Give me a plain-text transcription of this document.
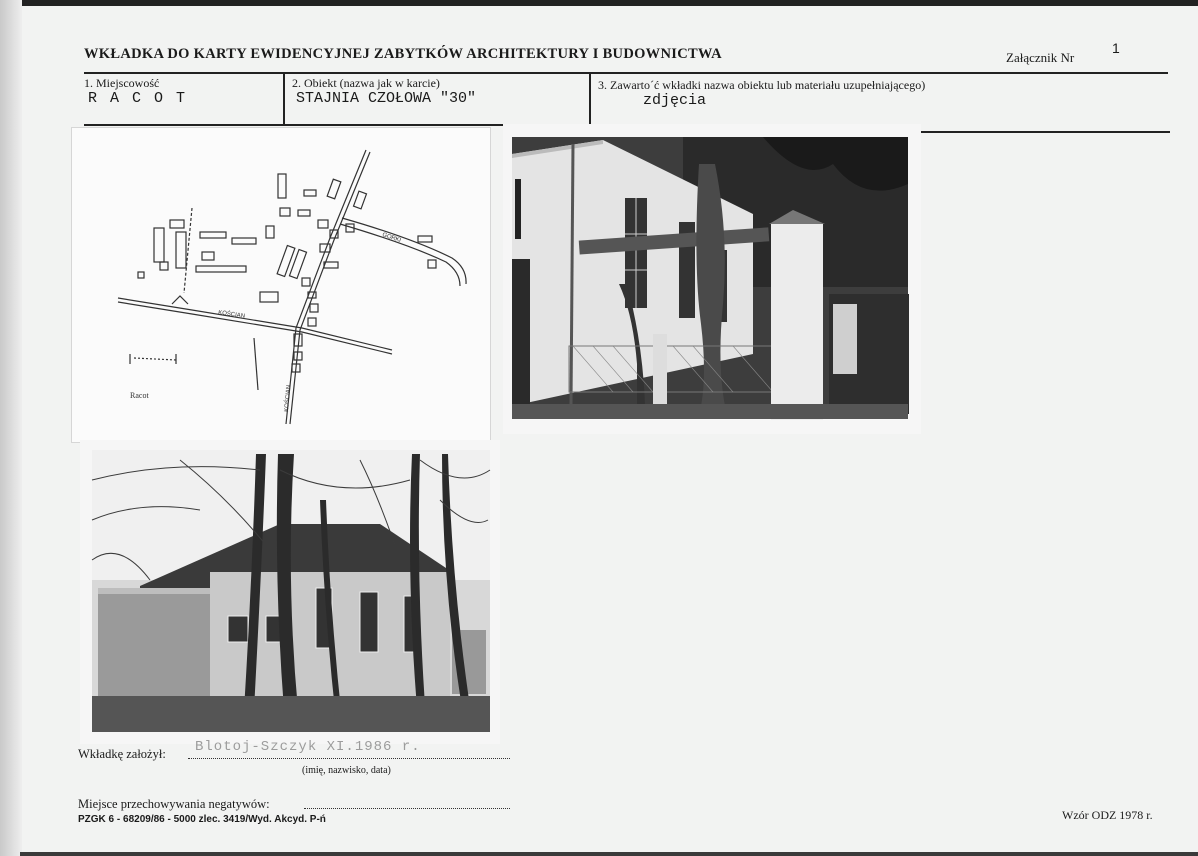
WKŁADKA DO KARTY EWIDENCYJNEJ ZABYTKÓW ARCHITEKTURY I BUDOWNICTWA	Załącznik Nr
1
1. Miejscowość
R A C O T
2. Obiekt (nazwa jak w karcie)
STAJNIA CZOŁOWA "30"
3. Zawarto´ć wkładki nazwa obiektu lub materiału uzupełniającego)
zdjęcia
KOŚCIAN
KOŚCIAN
GORKI
Racot
Blotoj-Szczyk XI.1986 r.
Wkładkę założył:
(imię, nazwisko, data)
Miejsce przechowywania negatywów:
PZGK 6 - 68209/86 - 5000 zlec. 3419/Wyd. Akcyd. P-ń	Wzór ODZ 1978 r.
